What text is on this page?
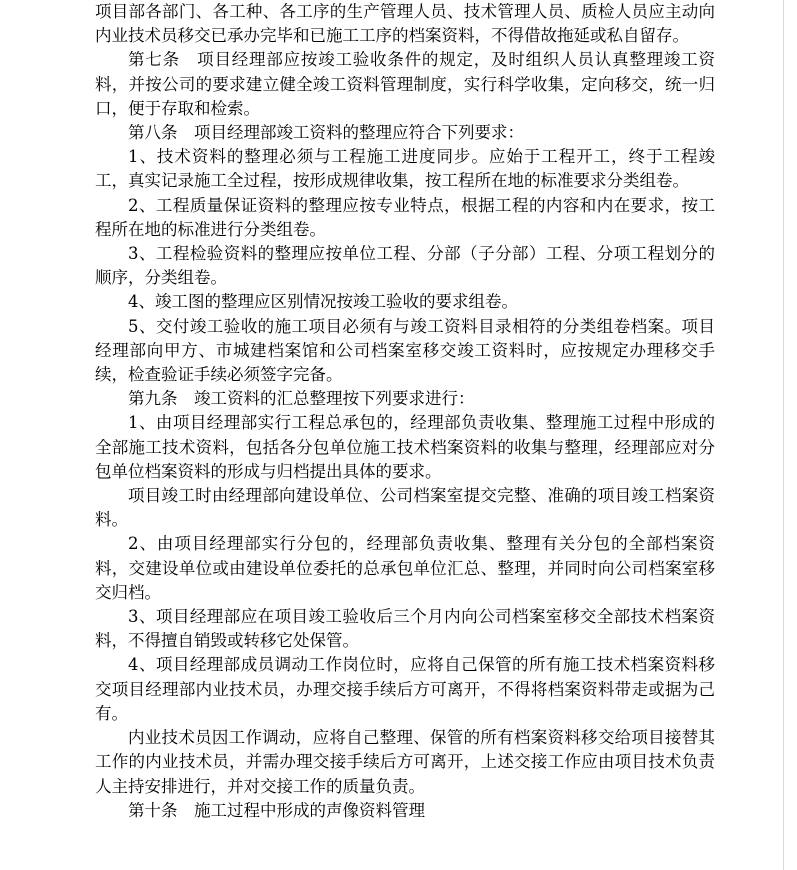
项目部各部门、各工种、各工序的生产管理人员、技术管理人员、质检人员应主动向内业技术员移交已承办完毕和已施工工序的档案资料，不得借故拖延或私自留存。

第七条 项目经理部应按竣工验收条件的规定，及时组织人员认真整理竣工资料，并按公司的要求建立健全竣工资料管理制度，实行科学收集，定向移交，统一归口，便于存取和检索。

第八条 项目经理部竣工资料的整理应符合下列要求：

1、技术资料的整理必须与工程施工进度同步。应始于工程开工，终于工程竣工，真实记录施工全过程，按形成规律收集，按工程所在地的标准要求分类组卷。

2、工程质量保证资料的整理应按专业特点，根据工程的内容和内在要求，按工程所在地的标准进行分类组卷。

3、工程检验资料的整理应按单位工程、分部（子分部）工程、分项工程划分的顺序，分类组卷。

4、竣工图的整理应区别情况按竣工验收的要求组卷。

5、交付竣工验收的施工项目必须有与竣工资料目录相符的分类组卷档案。项目经理部向甲方、市城建档案馆和公司档案室移交竣工资料时，应按规定办理移交手续，检查验证手续必须签字完备。

第九条 竣工资料的汇总整理按下列要求进行：

1、由项目经理部实行工程总承包的，经理部负责收集、整理施工过程中形成的全部施工技术资料，包括各分包单位施工技术档案资料的收集与整理，经理部应对分包单位档案资料的形成与归档提出具体的要求。

项目竣工时由经理部向建设单位、公司档案室提交完整、准确的项目竣工档案资料。

2、由项目经理部实行分包的，经理部负责收集、整理有关分包的全部档案资料，交建设单位或由建设单位委托的总承包单位汇总、整理，并同时向公司档案室移交归档。

3、项目经理部应在项目竣工验收后三个月内向公司档案室移交全部技术档案资料，不得擅自销毁或转移它处保管。

4、项目经理部成员调动工作岗位时，应将自己保管的所有施工技术档案资料移交项目经理部内业技术员，办理交接手续后方可离开，不得将档案资料带走或据为己有。

内业技术员因工作调动，应将自己整理、保管的所有档案资料移交给项目接替其工作的内业技术员，并需办理交接手续后方可离开，上述交接工作应由项目技术负责人主持安排进行，并对交接工作的质量负责。

第十条 施工过程中形成的声像资料管理
